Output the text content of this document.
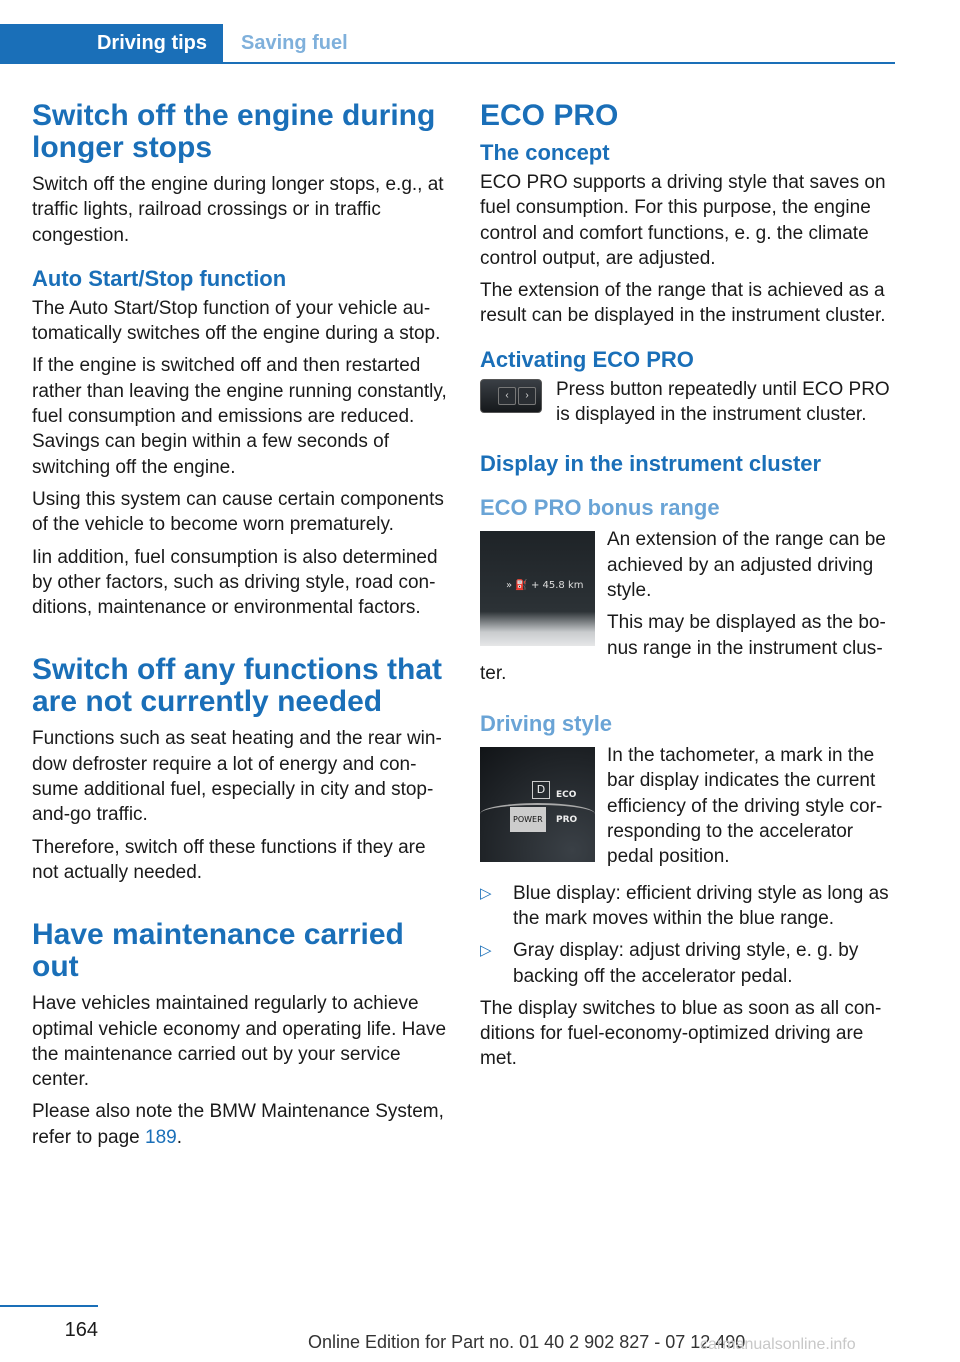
Driving tips	Saving fuel
Switch off the engine during longer stops

Switch off the engine during longer stops, e.g., at traffic lights, railroad crossings or in traffic congestion.

Auto Start/Stop function

The Auto Start/Stop function of your vehicle automatically switches off the engine during a stop.

If the engine is switched off and then restarted rather than leaving the engine running constantly, fuel consumption and emissions are reduced. Savings can begin within a few seconds of switching off the engine.

Using this system can cause certain components of the vehicle to become worn prematurely.

Iin addition, fuel consumption is also determined by other factors, such as driving style, road conditions, maintenance or environmental factors.

Switch off any functions that are not currently needed

Functions such as seat heating and the rear window defroster require a lot of energy and consume additional fuel, especially in city and stop-and-go traffic.

Therefore, switch off these functions if they are not actually needed.

Have maintenance carried out

Have vehicles maintained regularly to achieve optimal vehicle economy and operating life. Have the maintenance carried out by your service center.

Please also note the BMW Maintenance System, refer to page 189.

ECO PRO
The concept

ECO PRO supports a driving style that saves on fuel consumption. For this purpose, the engine control and comfort functions, e. g. the climate control output, are adjusted.

The extension of the range that is achieved as a result can be displayed in the instrument cluster.

Activating ECO PRO
‹	›	Press button repeatedly until ECO PRO is displayed in the instrument cluster.
Display in the instrument cluster
ECO PRO bonus range
» ⛽ + 45.8 km

An extension of the range can be achieved by an adjusted driving style.

This may be displayed as the bonus range in the instrument cluster.

Driving style
D	ECO PRO
POWER

In the tachometer, a mark in the bar display indicates the current efficiency of the driving style corresponding to the accelerator pedal position.

▷	Blue display: efficient driving style as long as the mark moves within the blue range.
▷	Gray display: adjust driving style, e. g. by backing off the accelerator pedal.

The display switches to blue as soon as all conditions for fuel-economy-optimized driving are met.

164
Online Edition for Part no. 01 40 2 902 827 - 07 12 490
carmanualsonline.info
